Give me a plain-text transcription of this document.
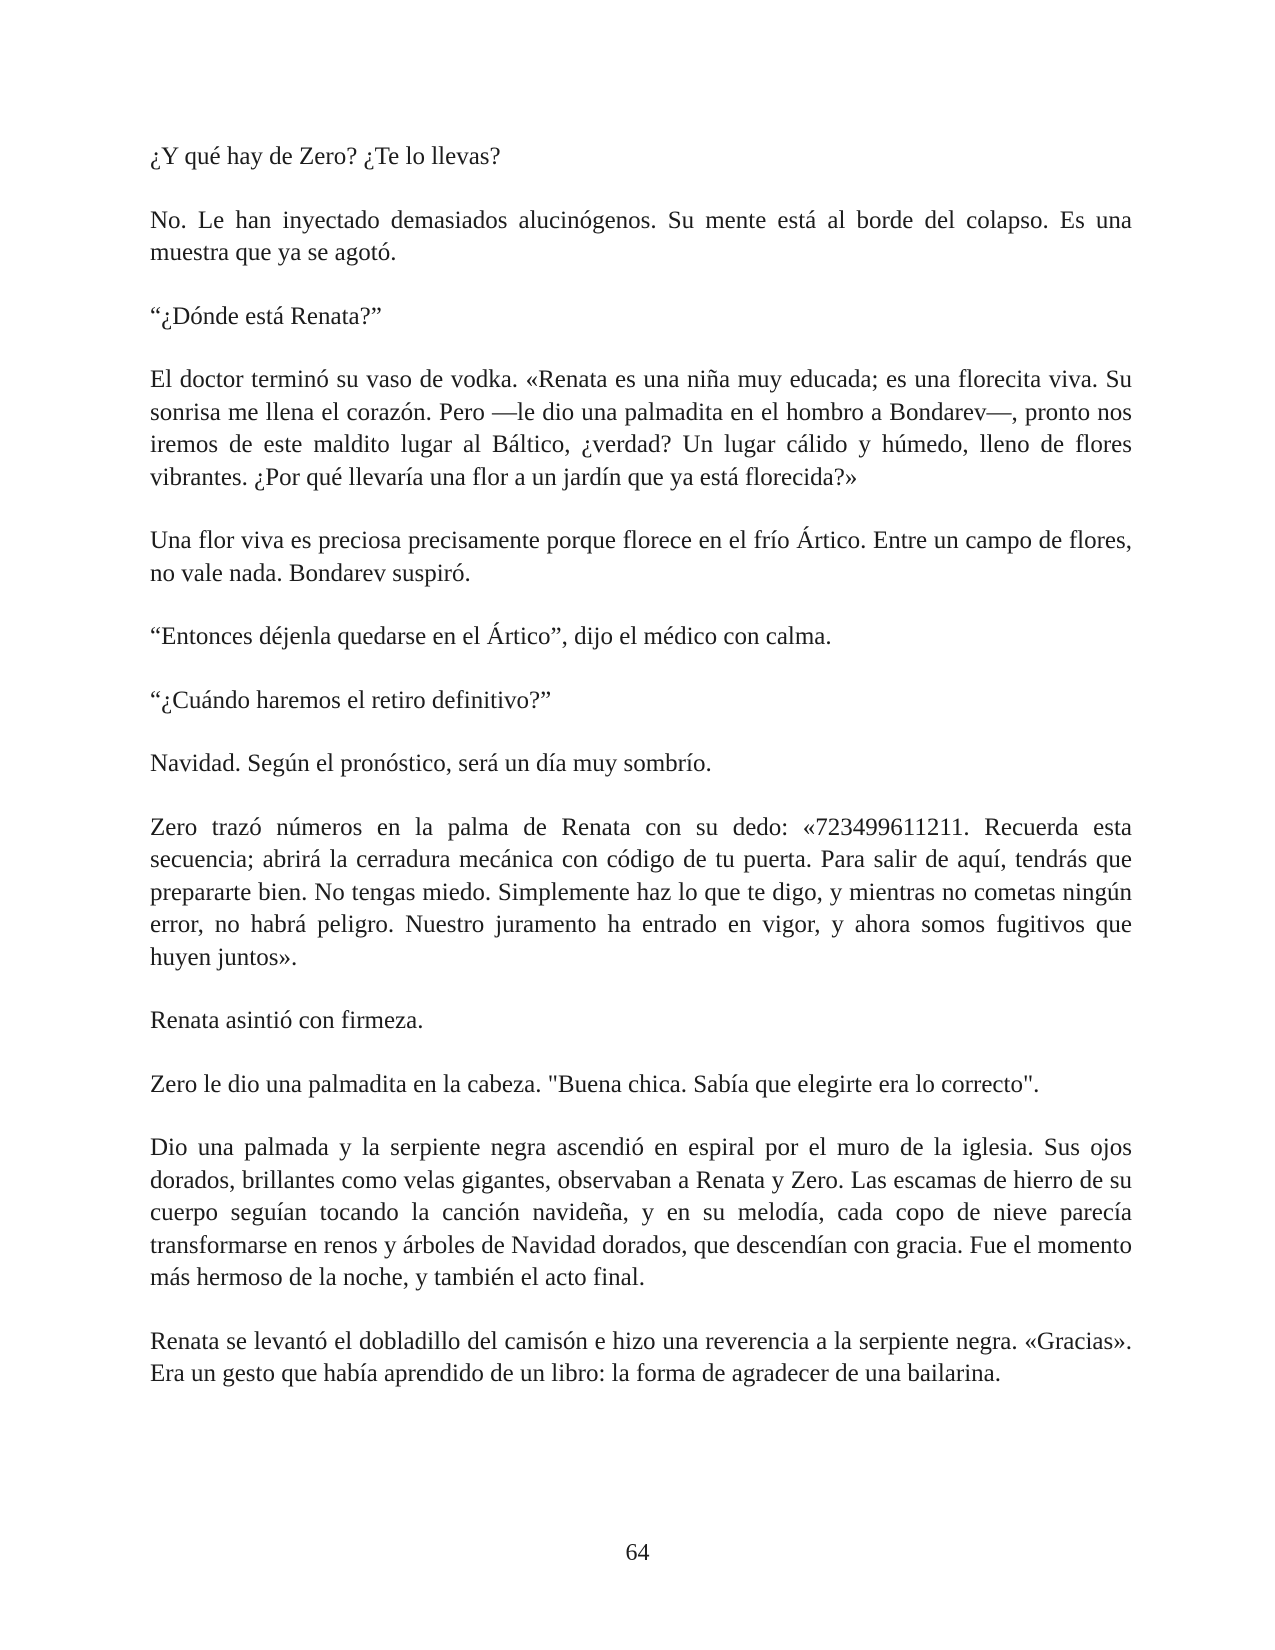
¿Y qué hay de Zero? ¿Te lo llevas?

No. Le han inyectado demasiados alucinógenos. Su mente está al borde del colapso. Es una muestra que ya se agotó.

“¿Dónde está Renata?”

El doctor terminó su vaso de vodka. «Renata es una niña muy educada; es una florecita viva. Su sonrisa me llena el corazón. Pero —le dio una palmadita en el hombro a Bondarev—, pronto nos iremos de este maldito lugar al Báltico, ¿verdad? Un lugar cálido y húmedo, lleno de flores vibrantes. ¿Por qué llevaría una flor a un jardín que ya está florecida?»

Una flor viva es preciosa precisamente porque florece en el frío Ártico. Entre un campo de flores, no vale nada. Bondarev suspiró.

“Entonces déjenla quedarse en el Ártico”, dijo el médico con calma.

“¿Cuándo haremos el retiro definitivo?”

Navidad. Según el pronóstico, será un día muy sombrío.

Zero trazó números en la palma de Renata con su dedo: «723499611211. Recuerda esta secuencia; abrirá la cerradura mecánica con código de tu puerta. Para salir de aquí, tendrás que prepararte bien. No tengas miedo. Simplemente haz lo que te digo, y mientras no cometas ningún error, no habrá peligro. Nuestro juramento ha entrado en vigor, y ahora somos fugitivos que huyen juntos».

Renata asintió con firmeza.

Zero le dio una palmadita en la cabeza. "Buena chica. Sabía que elegirte era lo correcto".

Dio una palmada y la serpiente negra ascendió en espiral por el muro de la iglesia. Sus ojos dorados, brillantes como velas gigantes, observaban a Renata y Zero. Las escamas de hierro de su cuerpo seguían tocando la canción navideña, y en su melodía, cada copo de nieve parecía transformarse en renos y árboles de Navidad dorados, que descendían con gracia. Fue el momento más hermoso de la noche, y también el acto final.

Renata se levantó el dobladillo del camisón e hizo una reverencia a la serpiente negra. «Gracias». Era un gesto que había aprendido de un libro: la forma de agradecer de una bailarina.

64
